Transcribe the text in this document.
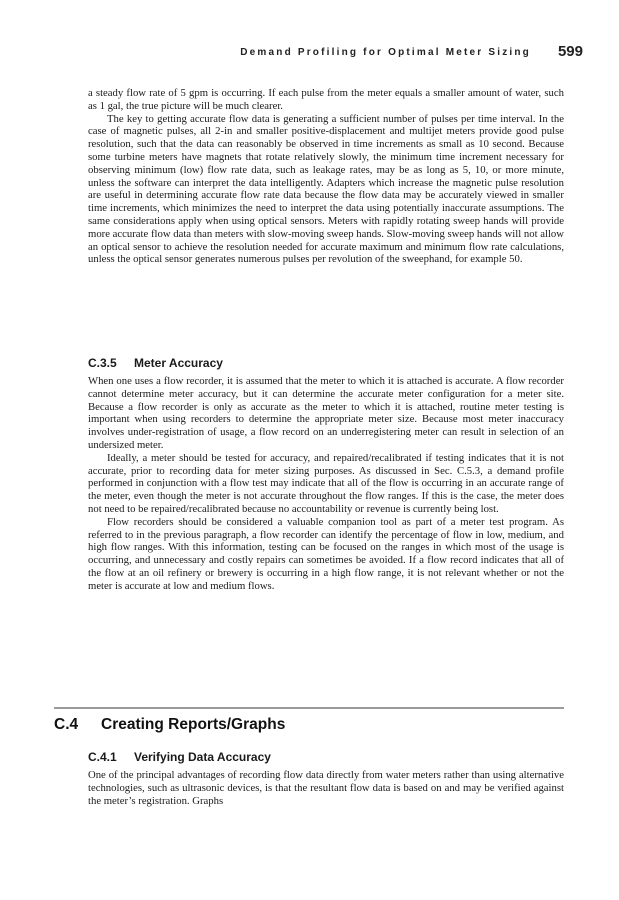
Demand Profiling for Optimal Meter Sizing 599

a steady flow rate of 5 gpm is occurring. If each pulse from the meter equals a smaller amount of water, such as 1 gal, the true picture will be much clearer.

The key to getting accurate flow data is generating a sufficient number of pulses per time interval. In the case of magnetic pulses, all 2-in and smaller positive-displacement and multijet meters provide good pulse resolution, such that the data can reasonably be observed in time increments as small as 10 second. Because some turbine meters have magnets that rotate relatively slowly, the minimum time increment necessary for observing minimum (low) flow rate data, such as leakage rates, may be as long as 5, 10, or more minute, unless the software can interpret the data intelligently. Adapters which increase the magnetic pulse resolution are useful in determining accurate flow rate data because the flow data may be accurately viewed in smaller time increments, which minimizes the need to interpret the data using potentially inaccurate assumptions. The same considerations apply when using optical sensors. Meters with rapidly rotating sweep hands will provide more accurate flow data than meters with slow-moving sweep hands. Slow-moving sweep hands will not allow an optical sensor to achieve the resolution needed for accurate maximum and minimum flow rate calculations, unless the optical sensor generates numerous pulses per revolution of the sweephand, for example 50.

C.3.5 Meter Accuracy

When one uses a flow recorder, it is assumed that the meter to which it is attached is accurate. A flow recorder cannot determine meter accuracy, but it can determine the accurate meter configuration for a meter site. Because a flow recorder is only as accurate as the meter to which it is attached, routine meter testing is important when using recorders to determine the appropriate meter size. Because most meter inaccuracy involves under-registration of usage, a flow record on an underregistering meter can result in selection of an undersized meter.

Ideally, a meter should be tested for accuracy, and repaired/recalibrated if testing indicates that it is not accurate, prior to recording data for meter sizing purposes. As discussed in Sec. C.5.3, a demand profile performed in conjunction with a flow test may indicate that all of the flow is occurring in an accurate range of the meter, even though the meter is not accurate throughout the flow ranges. If this is the case, the meter does not need to be repaired/recalibrated because no accountability or revenue is currently being lost.

Flow recorders should be considered a valuable companion tool as part of a meter test program. As referred to in the previous paragraph, a flow recorder can identify the percentage of flow in low, medium, and high flow ranges. With this information, testing can be focused on the ranges in which most of the usage is occurring, and unnecessary and costly repairs can sometimes be avoided. If a flow record indicates that all of the flow at an oil refinery or brewery is occurring in a high flow range, it is not relevant whether or not the meter is accurate at low and medium flows.

C.4 Creating Reports/Graphs
C.4.1 Verifying Data Accuracy

One of the principal advantages of recording flow data directly from water meters rather than using alternative technologies, such as ultrasonic devices, is that the resultant flow data is based on and may be verified against the meter’s registration. Graphs
